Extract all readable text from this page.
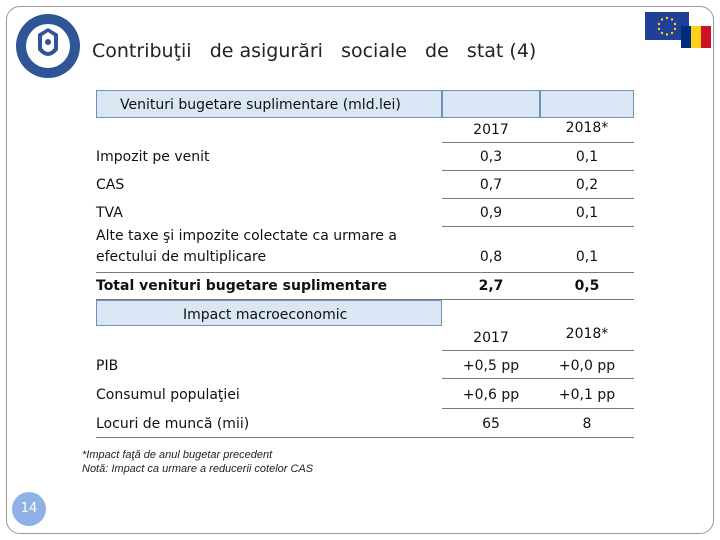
Contribuţii   de asigurări   sociale   de   stat (4)
Venituri bugetare suplimentare (mld.lei)
2017	2018*
Impozit pe venit	0,3	0,1
CAS	0,7	0,2
TVA	0,9	0,1
Alte taxe şi impozite colectate ca urmare a
efectului de multiplicare	0,8	0,1
Total venituri bugetare suplimentare	2,7	0,5
Impact macroeconomic
2017	2018*
PIB	+0,5 pp	+0,0 pp
Consumul populaţiei	+0,6 pp	+0,1 pp
Locuri de muncă (mii)	65	8
*Impact faţă de anul bugetar precedent
Notă: Impact ca urmare a reducerii cotelor CAS
14
